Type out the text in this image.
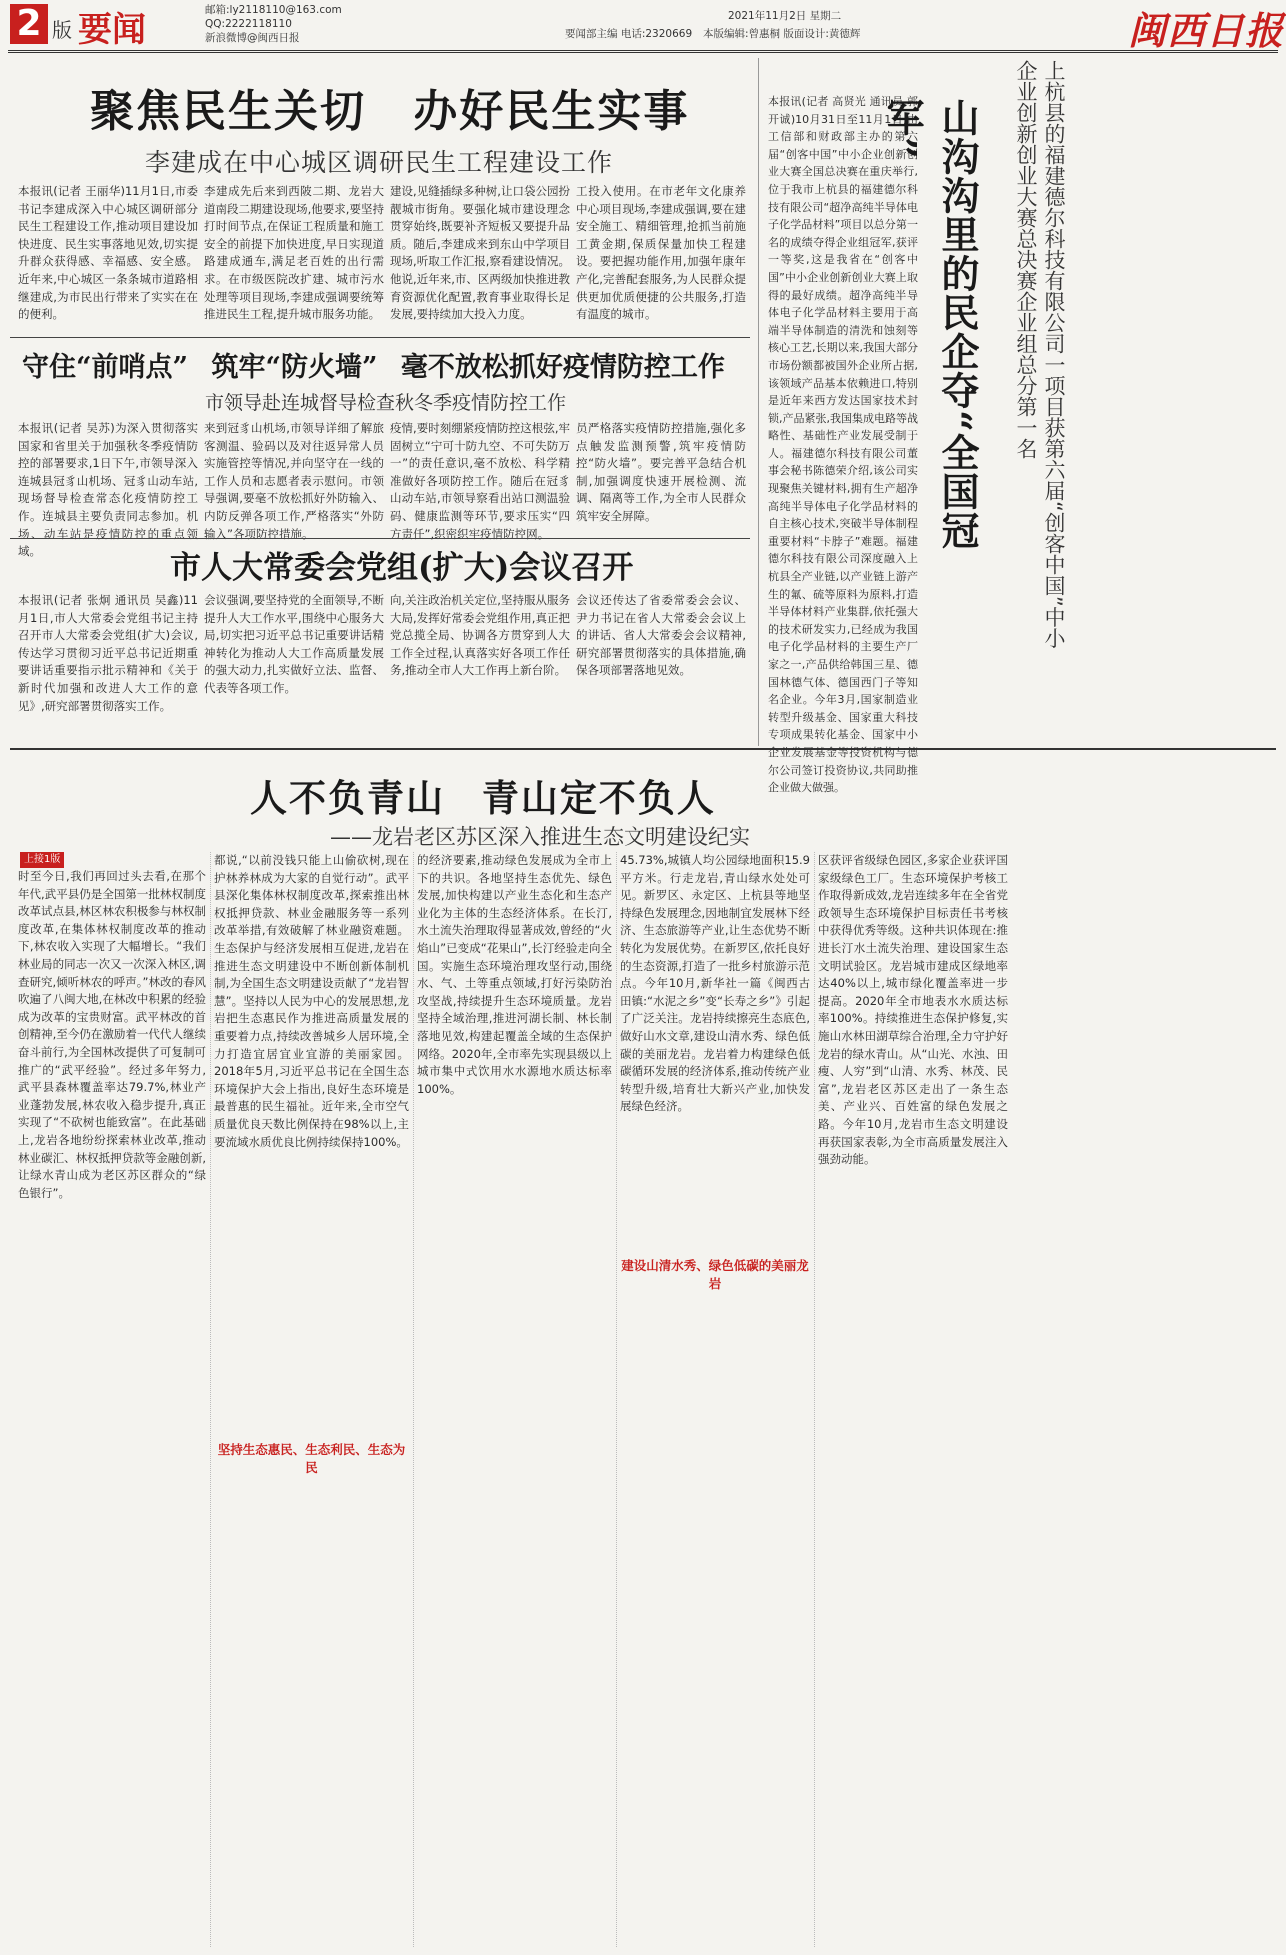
2 版 要闻	邮箱:ly2118110@163.com
QQ:2222118110
新浪微博@闽西日报
2021年11月2日 星期二
要闻部主编 电话:2320669 本版编辑:曾惠桐 版面设计:黄德辉	闽西日报
聚焦民生关切 办好民生实事
李建成在中心城区调研民生工程建设工作
本报讯(记者 王丽华)11月1日,市委书记李建成深入中心城区调研部分民生工程建设工作,推动项目建设加快进度、民生实事落地见效,切实提升群众获得感、幸福感、安全感。近年来,中心城区一条条城市道路相继建成,为市民出行带来了实实在在的便利。
李建成先后来到西陂二期、龙岩大道南段二期建设现场,他要求,要坚持打时间节点,在保证工程质量和施工安全的前提下加快进度,早日实现道路建成通车,满足老百姓的出行需求。在市级医院改扩建、城市污水处理等项目现场,李建成强调要统筹推进民生工程,提升城市服务功能。
建设,见缝插绿多种树,让口袋公园扮靓城市街角。要强化城市建设理念贯穿始终,既要补齐短板又要提升品质。随后,李建成来到东山中学项目现场,听取工作汇报,察看建设情况。他说,近年来,市、区两级加快推进教育资源优化配置,教育事业取得长足发展,要持续加大投入力度。
工投入使用。在市老年文化康养中心项目现场,李建成强调,要在建安全施工、精细管理,抢抓当前施工黄金期,保质保量加快工程建设。要把握功能作用,加强年康年产化,完善配套服务,为人民群众提供更加优质便捷的公共服务,打造有温度的城市。
守住“前哨点” 筑牢“防火墙” 毫不放松抓好疫情防控工作
市领导赴连城督导检查秋冬季疫情防控工作
本报讯(记者 吴苏)为深入贯彻落实国家和省里关于加强秋冬季疫情防控的部署要求,1日下午,市领导深入连城县冠豸山机场、冠豸山动车站,现场督导检查常态化疫情防控工作。连城县主要负责同志参加。机场、动车站是疫情防控的重点领域。
来到冠豸山机场,市领导详细了解旅客测温、验码以及对往返异常人员实施管控等情况,并向坚守在一线的工作人员和志愿者表示慰问。市领导强调,要毫不放松抓好外防输入、内防反弹各项工作,严格落实“外防输入”各项防控措施。
疫情,要时刻绷紧疫情防控这根弦,牢固树立“宁可十防九空、不可失防万一”的责任意识,毫不放松、科学精准做好各项防控工作。随后在冠豸山动车站,市领导察看出站口测温验码、健康监测等环节,要求压实“四方责任”,织密织牢疫情防控网。
员严格落实疫情防控措施,强化多点触发监测预警,筑牢疫情防控“防火墙”。要完善平急结合机制,加强调度快速开展检测、流调、隔离等工作,为全市人民群众筑牢安全屏障。
市人大常委会党组(扩大)会议召开
本报讯(记者 张炯 通讯员 吴鑫)11月1日,市人大常委会党组书记主持召开市人大常委会党组(扩大)会议,传达学习贯彻习近平总书记近期重要讲话重要指示批示精神和《关于新时代加强和改进人大工作的意见》,研究部署贯彻落实工作。
会议强调,要坚持党的全面领导,不断提升人大工作水平,围绕中心服务大局,切实把习近平总书记重要讲话精神转化为推动人大工作高质量发展的强大动力,扎实做好立法、监督、代表等各项工作。
向,关注政治机关定位,坚持服从服务大局,发挥好常委会党组作用,真正把党总揽全局、协调各方贯穿到人大工作全过程,认真落实好各项工作任务,推动全市人大工作再上新台阶。
会议还传达了省委常委会会议、尹力书记在省人大常委会会议上的讲话、省人大常委会会议精神,研究部署贯彻落实的具体措施,确保各项部署落地见效。
本报讯(记者 高贤光 通讯员 郭开诚)10月31日至11月1日,由工信部和财政部主办的第六届“创客中国”中小企业创新创业大赛全国总决赛在重庆举行,位于我市上杭县的福建德尔科技有限公司“超净高纯半导体电子化学品材料”项目以总分第一名的成绩夺得企业组冠军,获评一等奖,这是我省在“创客中国”中小企业创新创业大赛上取得的最好成绩。超净高纯半导体电子化学品材料主要用于高端半导体制造的清洗和蚀刻等核心工艺,长期以来,我国大部分市场份额都被国外企业所占据,该领域产品基本依赖进口,特别是近年来西方发达国家技术封锁,产品紧张,我国集成电路等战略性、基础性产业发展受制于人。福建德尔科技有限公司董事会秘书陈德荣介绍,该公司实现聚焦关键材料,拥有生产超净高纯半导体电子化学品材料的自主核心技术,突破半导体制程重要材料“卡脖子”难题。福建德尔科技有限公司深度融入上杭县全产业链,以产业链上游产生的氟、硫等原料为原料,打造半导体材料产业集群,依托强大的技术研发实力,已经成为我国电子化学品材料的主要生产厂家之一,产品供给韩国三星、德国林德气体、德国西门子等知名企业。今年3月,国家制造业转型升级基金、国家重大科技专项成果转化基金、国家中小企业发展基金等投资机构与德尔公司签订投资协议,共同助推企业做大做强。
山沟沟里的民企夺“全国冠军”	上杭县的福建德尔科技有限公司一项目获第六届“创客中国”中小企业创新创业大赛总决赛企业组总分第一名
人不负青山 青山定不负人
——龙岩老区苏区深入推进生态文明建设纪实
上接1版
时至今日,我们再回过头去看,在那个年代,武平县仍是全国第一批林权制度改革试点县,林区林农积极参与林权制度改革,在集体林权制度改革的推动下,林农收入实现了大幅增长。“我们林业局的同志一次又一次深入林区,调查研究,倾听林农的呼声。”林改的春风吹遍了八闽大地,在林改中积累的经验成为改革的宝贵财富。武平林改的首创精神,至今仍在激励着一代代人继续奋斗前行,为全国林改提供了可复制可推广的“武平经验”。经过多年努力,武平县森林覆盖率达79.7%,林业产业蓬勃发展,林农收入稳步提升,真正实现了“不砍树也能致富”。在此基础上,龙岩各地纷纷探索林业改革,推动林业碳汇、林权抵押贷款等金融创新,让绿水青山成为老区苏区群众的“绿色银行”。
都说,“以前没钱只能上山偷砍树,现在护林养林成为大家的自觉行动”。武平县深化集体林权制度改革,探索推出林权抵押贷款、林业金融服务等一系列改革举措,有效破解了林业融资难题。生态保护与经济发展相互促进,龙岩在推进生态文明建设中不断创新体制机制,为全国生态文明建设贡献了“龙岩智慧”。坚持以人民为中心的发展思想,龙岩把生态惠民作为推进高质量发展的重要着力点,持续改善城乡人居环境,全力打造宜居宜业宜游的美丽家园。2018年5月,习近平总书记在全国生态环境保护大会上指出,良好生态环境是最普惠的民生福祉。近年来,全市空气质量优良天数比例保持在98%以上,主要流域水质优良比例持续保持100%。
坚持生态惠民、生态利民、生态为民
的经济要素,推动绿色发展成为全市上下的共识。各地坚持生态优先、绿色发展,加快构建以产业生态化和生态产业化为主体的生态经济体系。在长汀,水土流失治理取得显著成效,曾经的“火焰山”已变成“花果山”,长汀经验走向全国。实施生态环境治理攻坚行动,围绕水、气、土等重点领域,打好污染防治攻坚战,持续提升生态环境质量。龙岩坚持全域治理,推进河湖长制、林长制落地见效,构建起覆盖全域的生态保护网络。2020年,全市率先实现县级以上城市集中式饮用水水源地水质达标率100%。
45.73%,城镇人均公园绿地面积15.9平方米。行走龙岩,青山绿水处处可见。新罗区、永定区、上杭县等地坚持绿色发展理念,因地制宜发展林下经济、生态旅游等产业,让生态优势不断转化为发展优势。在新罗区,依托良好的生态资源,打造了一批乡村旅游示范点。今年10月,新华社一篇《闽西古田镇:“水泥之乡”变“长寿之乡”》引起了广泛关注。龙岩持续擦亮生态底色,做好山水文章,建设山清水秀、绿色低碳的美丽龙岩。龙岩着力构建绿色低碳循环发展的经济体系,推动传统产业转型升级,培育壮大新兴产业,加快发展绿色经济。
建设山清水秀、绿色低碳的美丽龙岩
区获评省级绿色园区,多家企业获评国家级绿色工厂。生态环境保护考核工作取得新成效,龙岩连续多年在全省党政领导生态环境保护目标责任书考核中获得优秀等级。这种共识体现在:推进长汀水土流失治理、建设国家生态文明试验区。龙岩城市建成区绿地率达40%以上,城市绿化覆盖率进一步提高。2020年全市地表水水质达标率100%。持续推进生态保护修复,实施山水林田湖草综合治理,全力守护好龙岩的绿水青山。从“山光、水浊、田瘦、人穷”到“山清、水秀、林茂、民富”,龙岩老区苏区走出了一条生态美、产业兴、百姓富的绿色发展之路。今年10月,龙岩市生态文明建设再获国家表彰,为全市高质量发展注入强劲动能。
